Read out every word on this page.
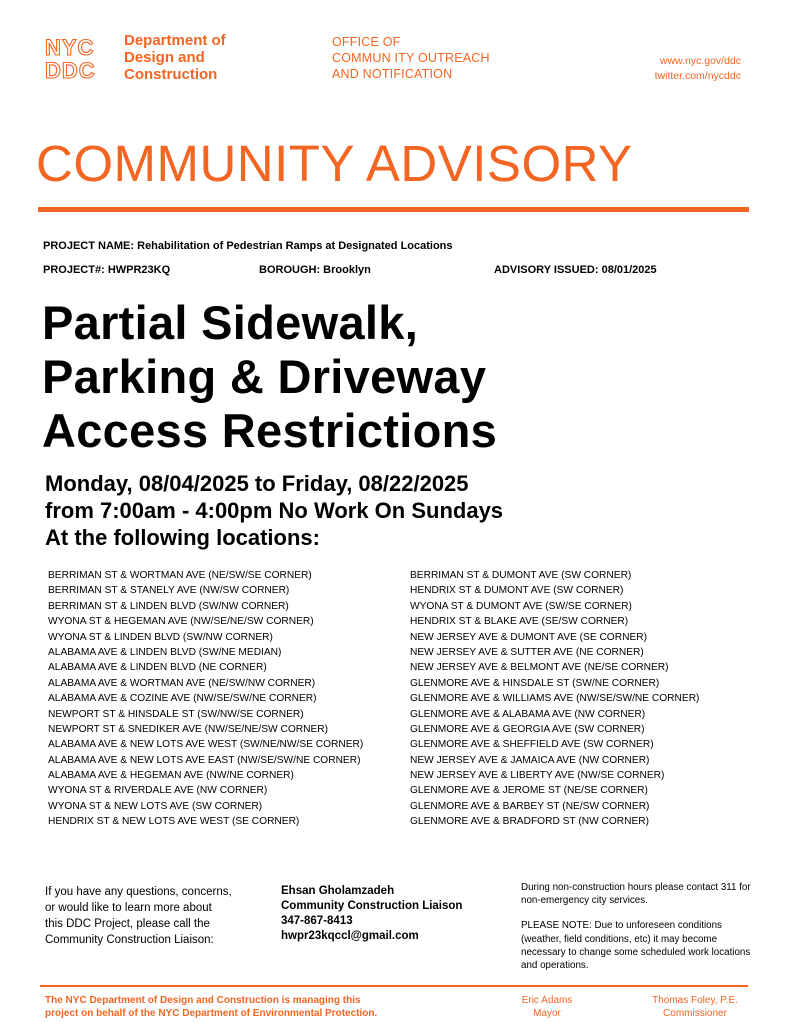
NYC
DDC
Department of
Design and
Construction
OFFICE OF
COMMUN ITY OUTREACH
AND NOTIFICATION
www.nyc.gov/ddc
twitter.com/nycddc
COMMUNITY ADVISORY
PROJECT NAME: Rehabilitation of Pedestrian Ramps at Designated Locations
PROJECT#: HWPR23KQ	BOROUGH: Brooklyn	ADVISORY ISSUED: 08/01/2025
Partial Sidewalk,
Parking & Driveway
Access Restrictions
Monday, 08/04/2025 to Friday, 08/22/2025
from 7:00am - 4:00pm No Work On Sundays
At the following locations:
BERRIMAN ST & WORTMAN AVE (NE/SW/SE CORNER)
BERRIMAN ST & STANELY AVE (NW/SW CORNER)
BERRIMAN ST & LINDEN BLVD (SW/NW CORNER)
WYONA ST & HEGEMAN AVE (NW/SE/NE/SW CORNER)
WYONA ST & LINDEN BLVD (SW/NW CORNER)
ALABAMA AVE & LINDEN BLVD (SW/NE MEDIAN)
ALABAMA AVE & LINDEN BLVD (NE CORNER)
ALABAMA AVE & WORTMAN AVE (NE/SW/NW CORNER)
ALABAMA AVE & COZINE AVE (NW/SE/SW/NE CORNER)
NEWPORT ST & HINSDALE ST (SW/NW/SE CORNER)
NEWPORT ST & SNEDIKER AVE (NW/SE/NE/SW CORNER)
ALABAMA AVE & NEW LOTS AVE WEST (SW/NE/NW/SE CORNER)
ALABAMA AVE & NEW LOTS AVE EAST (NW/SE/SW/NE CORNER)
ALABAMA AVE & HEGEMAN AVE (NW/NE CORNER)
WYONA ST & RIVERDALE AVE (NW CORNER)
WYONA ST & NEW LOTS AVE (SW CORNER)
HENDRIX ST & NEW LOTS AVE WEST (SE CORNER)
BERRIMAN ST & DUMONT AVE (SW CORNER)
HENDRIX ST & DUMONT AVE (SW CORNER)
WYONA ST & DUMONT AVE (SW/SE CORNER)
HENDRIX ST & BLAKE AVE (SE/SW CORNER)
NEW JERSEY AVE & DUMONT AVE (SE CORNER)
NEW JERSEY AVE & SUTTER AVE (NE CORNER)
NEW JERSEY AVE & BELMONT AVE (NE/SE CORNER)
GLENMORE AVE & HINSDALE ST (SW/NE CORNER)
GLENMORE AVE & WILLIAMS AVE (NW/SE/SW/NE CORNER)
GLENMORE AVE & ALABAMA AVE (NW CORNER)
GLENMORE AVE & GEORGIA AVE (SW CORNER)
GLENMORE AVE & SHEFFIELD AVE (SW CORNER)
NEW JERSEY AVE & JAMAICA AVE (NW CORNER)
NEW JERSEY AVE & LIBERTY AVE (NW/SE CORNER)
GLENMORE AVE & JEROME ST (NE/SE CORNER)
GLENMORE AVE & BARBEY ST (NE/SW CORNER)
GLENMORE AVE & BRADFORD ST (NW CORNER)
If you have any questions, concerns,
or would like to learn more about
this DDC Project, please call the
Community Construction Liaison:
Ehsan Gholamzadeh
Community Construction Liaison
347-867-8413
hwpr23kqccl@gmail.com

During non-construction hours please contact 311 for non-emergency city services.

PLEASE NOTE: Due to unforeseen conditions (weather, field conditions, etc) it may become necessary to change some scheduled work locations and operations.

The NYC Department of Design and Construction is managing this
project on behalf of the NYC Department of Environmental Protection.
Eric Adams
Mayor
Thomas Foley, P.E.
Commissioner
